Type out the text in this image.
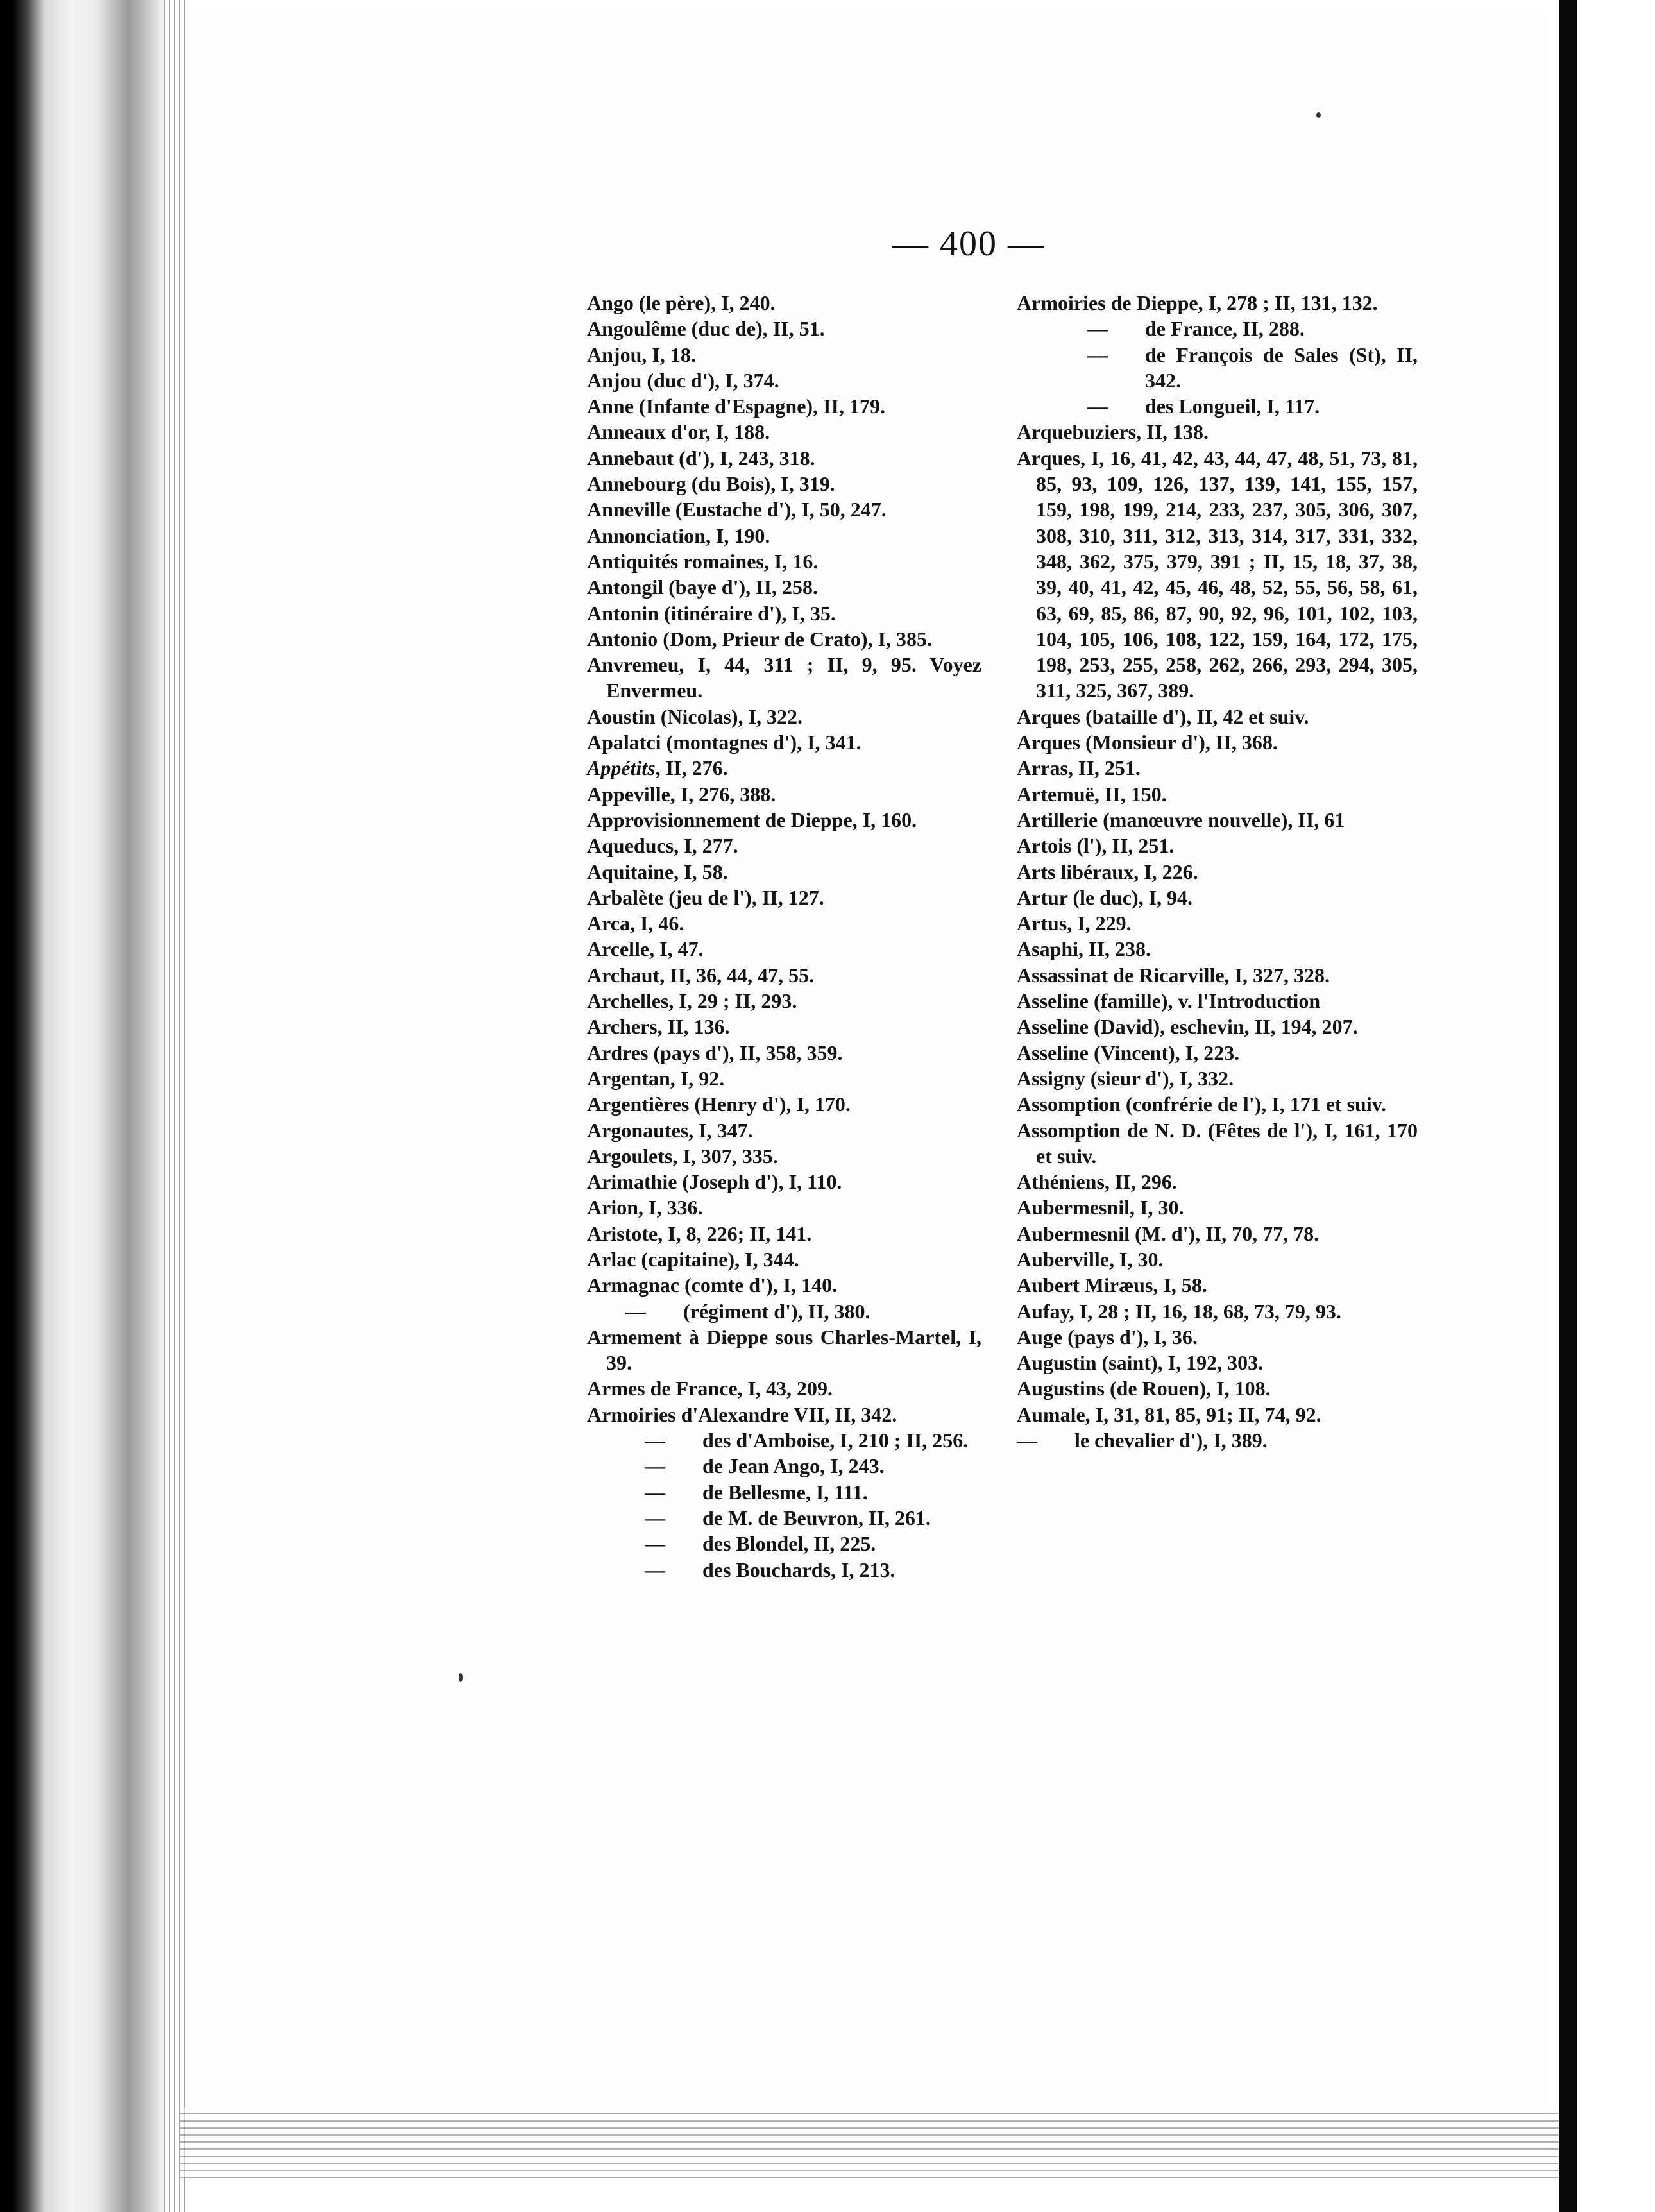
— 400 —
Ango (le père), I, 240.
Angoulême (duc de), II, 51.
Anjou, I, 18.
Anjou (duc d'), I, 374.
Anne (Infante d'Espagne), II, 179.
Anneaux d'or, I, 188.
Annebaut (d'), I, 243, 318.
Annebourg (du Bois), I, 319.
Anneville (Eustache d'), I, 50, 247.
Annonciation, I, 190.
Antiquités romaines, I, 16.
Antongil (baye d'), II, 258.
Antonin (itinéraire d'), I, 35.
Antonio (Dom, Prieur de Crato), I, 385.
Anvremeu, I, 44, 311 ; II, 9, 95. Voyez Envermeu.
Aoustin (Nicolas), I, 322.
Apalatci (montagnes d'), I, 341.
Appétits, II, 276.
Appeville, I, 276, 388.
Approvisionnement de Dieppe, I, 160.
Aqueducs, I, 277.
Aquitaine, I, 58.
Arbalète (jeu de l'), II, 127.
Arca, I, 46.
Arcelle, I, 47.
Archaut, II, 36, 44, 47, 55.
Archelles, I, 29 ; II, 293.
Archers, II, 136.
Ardres (pays d'), II, 358, 359.
Argentan, I, 92.
Argentières (Henry d'), I, 170.
Argonautes, I, 347.
Argoulets, I, 307, 335.
Arimathie (Joseph d'), I, 110.
Arion, I, 336.
Aristote, I, 8, 226; II, 141.
Arlac (capitaine), I, 344.
Armagnac (comte d'), I, 140.
— (régiment d'), II, 380.
Armement à Dieppe sous Charles-Martel, I, 39.
Armes de France, I, 43, 209.
Armoiries d'Alexandre VII, II, 342.
— des d'Amboise, I, 210 ; II, 256.
— de Jean Ango, I, 243.
— de Bellesme, I, 111.
— de M. de Beuvron, II, 261.
— des Blondel, II, 225.
— des Bouchards, I, 213.
Armoiries de Dieppe, I, 278 ; II, 131, 132.
— de France, II, 288.
— de François de Sales (St), II, 342.
— des Longueil, I, 117.
Arquebuziers, II, 138.
Arques, I, 16, 41, 42, 43, 44, 47, 48, 51, 73, 81, 85, 93, 109, 126, 137, 139, 141, 155, 157, 159, 198, 199, 214, 233, 237, 305, 306, 307, 308, 310, 311, 312, 313, 314, 317, 331, 332, 348, 362, 375, 379, 391 ; II, 15, 18, 37, 38, 39, 40, 41, 42, 45, 46, 48, 52, 55, 56, 58, 61, 63, 69, 85, 86, 87, 90, 92, 96, 101, 102, 103, 104, 105, 106, 108, 122, 159, 164, 172, 175, 198, 253, 255, 258, 262, 266, 293, 294, 305, 311, 325, 367, 389.
Arques (bataille d'), II, 42 et suiv.
Arques (Monsieur d'), II, 368.
Arras, II, 251.
Artemuë, II, 150.
Artillerie (manœuvre nouvelle), II, 61
Artois (l'), II, 251.
Arts libéraux, I, 226.
Artur (le duc), I, 94.
Artus, I, 229.
Asaphi, II, 238.
Assassinat de Ricarville, I, 327, 328.
Asseline (famille), v. l'Introduction
Asseline (David), eschevin, II, 194, 207.
Asseline (Vincent), I, 223.
Assigny (sieur d'), I, 332.
Assomption (confrérie de l'), I, 171 et suiv.
Assomption de N. D. (Fêtes de l'), I, 161, 170 et suiv.
Athéniens, II, 296.
Aubermesnil, I, 30.
Aubermesnil (M. d'), II, 70, 77, 78.
Auberville, I, 30.
Aubert Miræus, I, 58.
Aufay, I, 28 ; II, 16, 18, 68, 73, 79, 93.
Auge (pays d'), I, 36.
Augustin (saint), I, 192, 303.
Augustins (de Rouen), I, 108.
Aumale, I, 31, 81, 85, 91; II, 74, 92.
— le chevalier d'), I, 389.
